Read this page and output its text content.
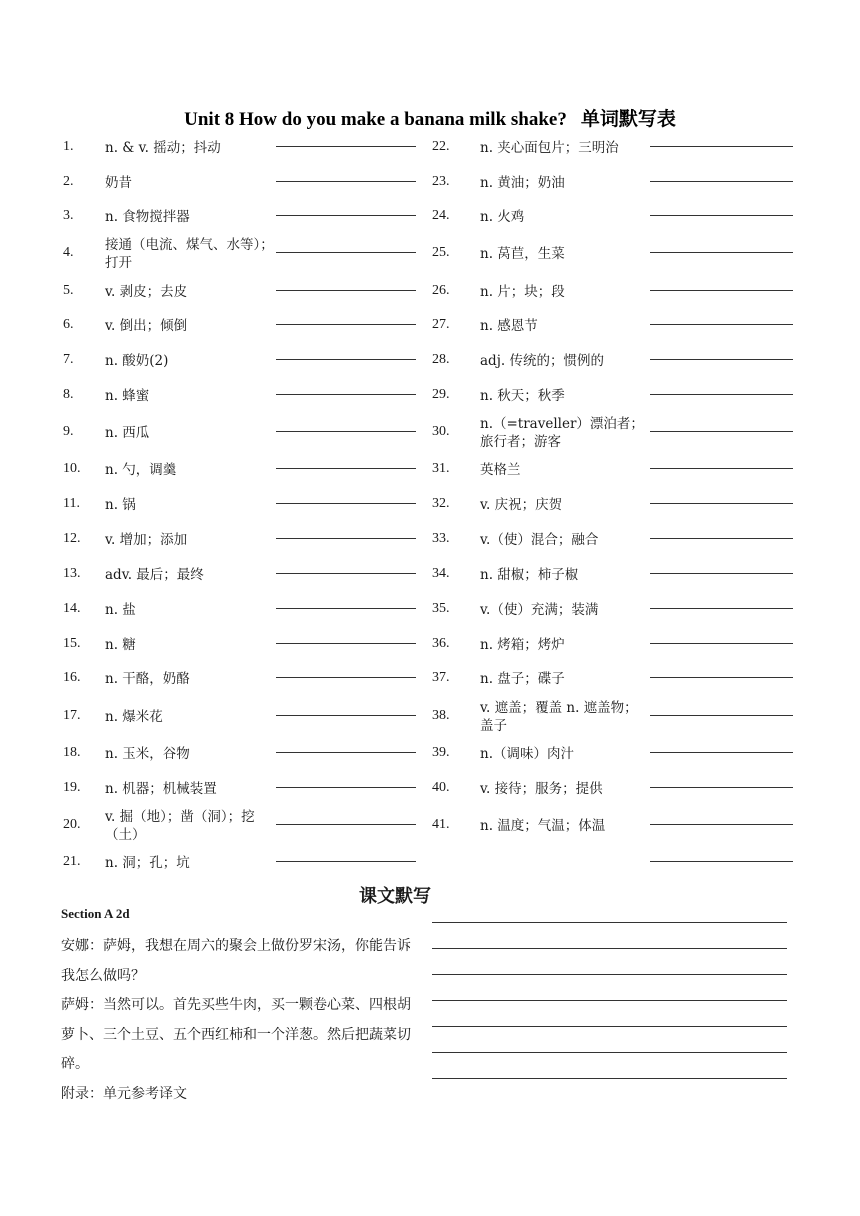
Unit 8 How do you make a banana milk shake? 单词默写表
1. n. & v. 摇动；抖动
2. 奶昔
3. n. 食物搅拌器
4. 接通（电流、煤气、水等）；打开
5. v. 剥皮；去皮
6. v. 倒出；倾倒
7. n. 酸奶(2)
8. n. 蜂蜜
9. n. 西瓜
10. n. 勺，调羹
11. n. 锅
12. v. 增加；添加
13. adv. 最后；最终
14. n. 盐
15. n. 糖
16. n. 干酪，奶酪
17. n. 爆米花
18. n. 玉米，谷物
19. n. 机器；机械装置
20. v. 掘（地）；凿（洞）；挖（土）
21. n. 洞；孔；坑
22. n. 夹心面包片；三明治
23. n. 黄油；奶油
24. n. 火鸡
25. n. 莴苣，生菜
26. n. 片；块；段
27. n. 感恩节
28. adj. 传统的；惯例的
29. n. 秋天；秋季
30. n.（=traveller）漂泊者；旅行者；游客
31. 英格兰
32. v. 庆祝；庆贺
33. v.（使）混合；融合
34. n. 甜椒；柿子椒
35. v.（使）充满；装满
36. n. 烤箱；烤炉
37. n. 盘子；碟子
38. v. 遮盖；覆盖 n. 遮盖物；盖子
39. n.（调味）肉汁
40. v. 接待；服务；提供
41. n. 温度；气温；体温
课文默写
Section A 2d

安娜：萨姆，我想在周六的聚会上做份罗宋汤，你能告诉我怎么做吗？

萨姆：当然可以。首先买些牛肉，买一颗卷心菜、四根胡萝卜、三个土豆、五个西红柿和一个洋葱。然后把蔬菜切碎。

附录：单元参考译文
